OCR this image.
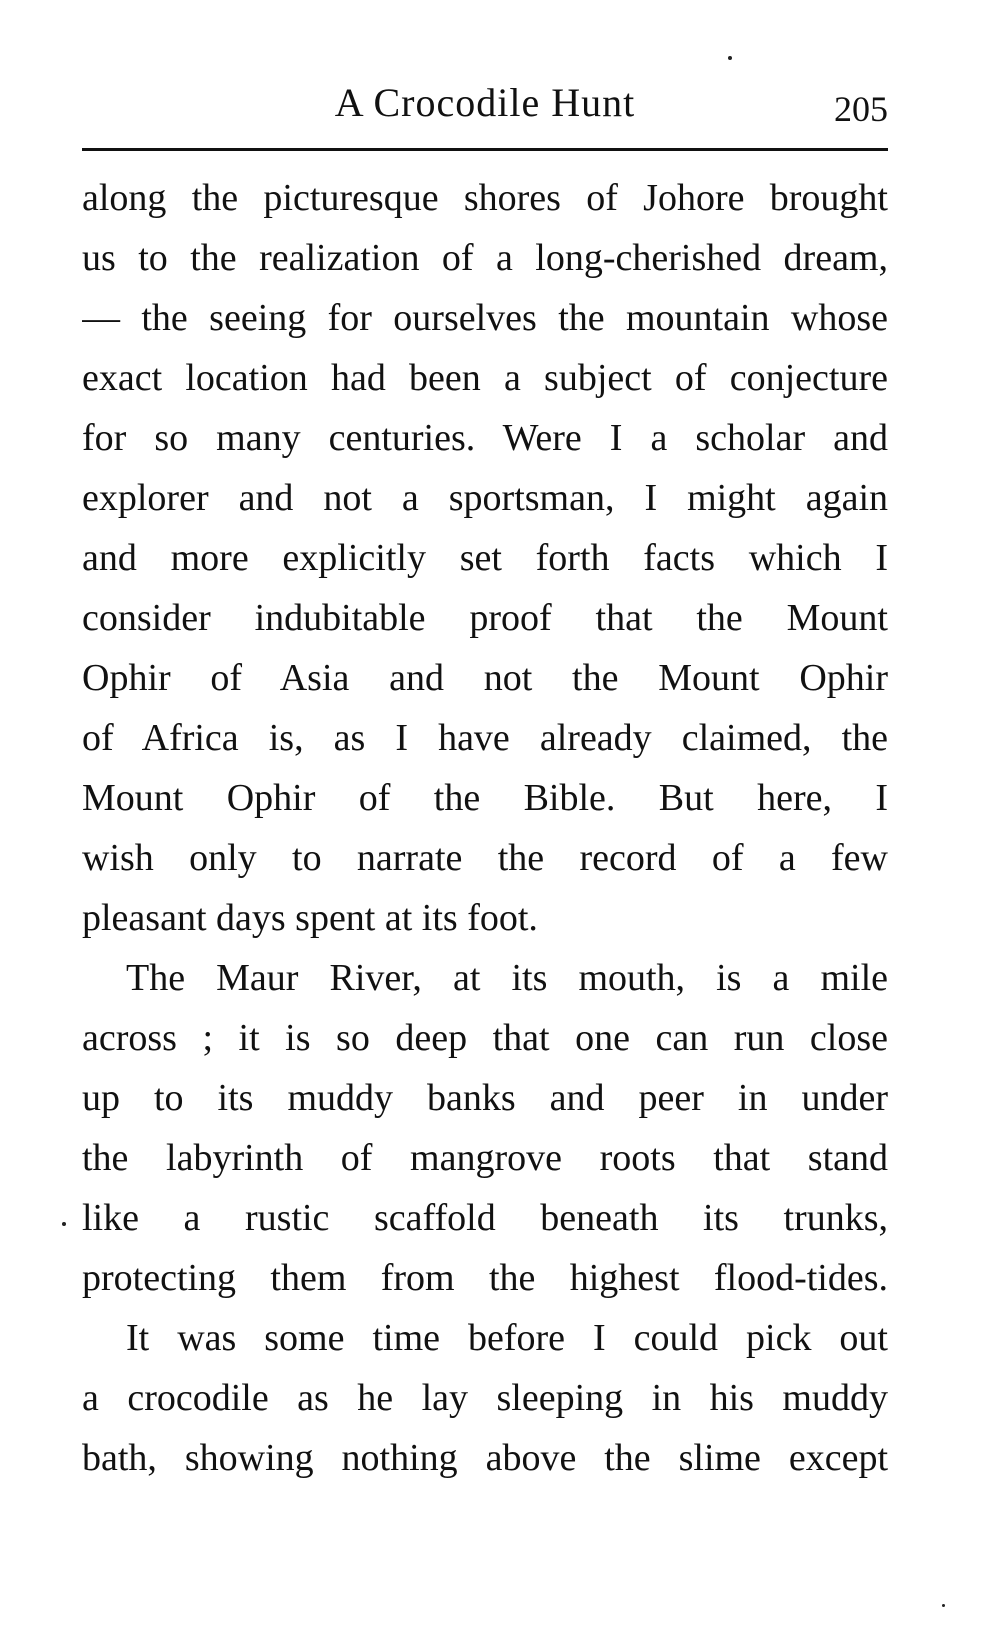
A Crocodile Hunt	205
along the picturesque shores of Johore brought
us to the realization of a long-cherished dream,
— the seeing for ourselves the mountain whose
exact location had been a subject of conjecture
for so many centuries. Were I a scholar and
explorer and not a sportsman, I might again
and more explicitly set forth facts which I
consider indubitable proof that the Mount
Ophir of Asia and not the Mount Ophir
of Africa is, as I have already claimed, the
Mount Ophir of the Bible. But here, I
wish only to narrate the record of a few
pleasant days spent at its foot.
The Maur River, at its mouth, is a mile
across ; it is so deep that one can run close
up to its muddy banks and peer in under
the labyrinth of mangrove roots that stand
like a rustic scaffold beneath its trunks,
protecting them from the highest flood-tides.
It was some time before I could pick out
a crocodile as he lay sleeping in his muddy
bath, showing nothing above the slime except
